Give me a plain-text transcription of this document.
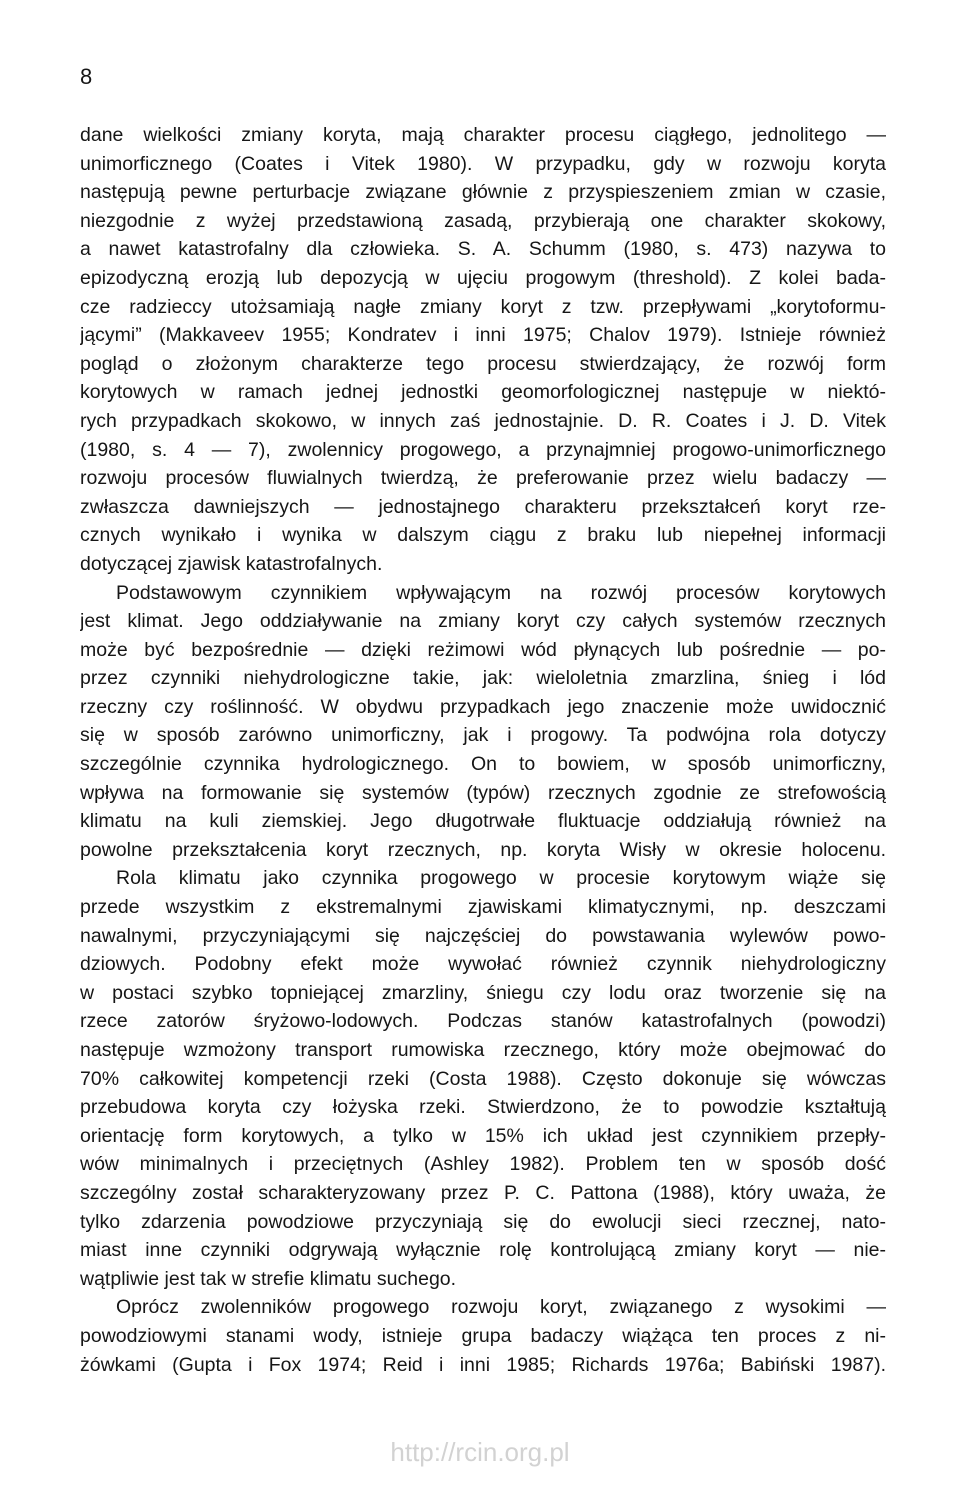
8
dane wielkości zmiany koryta, mają charakter procesu ciągłego, jednolitego —
unimorficznego (Coates i Vitek 1980). W przypadku, gdy w rozwoju koryta
następują pewne perturbacje związane głównie z przyspieszeniem zmian w czasie,
niezgodnie z wyżej przedstawioną zasadą, przybierają one charakter skokowy,
a nawet katastrofalny dla człowieka. S. A. Schumm (1980, s. 473) nazywa to
epizodyczną erozją lub depozycją w ujęciu progowym (threshold). Z kolei bada-
cze radzieccy utożsamiają nagłe zmiany koryt z tzw. przepływami „korytoformu-
jącymi” (Makkaveev 1955; Kondratev i inni 1975; Chalov 1979). Istnieje również
pogląd o złożonym charakterze tego procesu stwierdzający, że rozwój form
korytowych w ramach jednej jednostki geomorfologicznej następuje w niektó-
rych przypadkach skokowo, w innych zaś jednostajnie. D. R. Coates i J. D. Vitek
(1980, s. 4 — 7), zwolennicy progowego, a przynajmniej progowo-unimorficznego
rozwoju procesów fluwialnych twierdzą, że preferowanie przez wielu badaczy —
zwłaszcza dawniejszych — jednostajnego charakteru przekształceń koryt rze-
cznych wynikało i wynika w dalszym ciągu z braku lub niepełnej informacji
dotyczącej zjawisk katastrofalnych.
Podstawowym czynnikiem wpływającym na rozwój procesów korytowych
jest klimat. Jego oddziaływanie na zmiany koryt czy całych systemów rzecznych
może być bezpośrednie — dzięki reżimowi wód płynących lub pośrednie — po-
przez czynniki niehydrologiczne takie, jak: wieloletnia zmarzlina, śnieg i lód
rzeczny czy roślinność. W obydwu przypadkach jego znaczenie może uwidocznić
się w sposób zarówno unimorficzny, jak i progowy. Ta podwójna rola dotyczy
szczególnie czynnika hydrologicznego. On to bowiem, w sposób unimorficzny,
wpływa na formowanie się systemów (typów) rzecznych zgodnie ze strefowością
klimatu na kuli ziemskiej. Jego długotrwałe fluktuacje oddziałują również na
powolne przekształcenia koryt rzecznych, np. koryta Wisły w okresie holocenu.
Rola klimatu jako czynnika progowego w procesie korytowym wiąże się
przede wszystkim z ekstremalnymi zjawiskami klimatycznymi, np. deszczami
nawalnymi, przyczyniającymi się najczęściej do powstawania wylewów powo-
dziowych. Podobny efekt może wywołać również czynnik niehydrologiczny
w postaci szybko topniejącej zmarzliny, śniegu czy lodu oraz tworzenie się na
rzece zatorów śryżowo-lodowych. Podczas stanów katastrofalnych (powodzi)
następuje wzmożony transport rumowiska rzecznego, który może obejmować do
70% całkowitej kompetencji rzeki (Costa 1988). Często dokonuje się wówczas
przebudowa koryta czy łożyska rzeki. Stwierdzono, że to powodzie kształtują
orientację form korytowych, a tylko w 15% ich układ jest czynnikiem przepły-
wów minimalnych i przeciętnych (Ashley 1982). Problem ten w sposób dość
szczególny został scharakteryzowany przez P. C. Pattona (1988), który uważa, że
tylko zdarzenia powodziowe przyczyniają się do ewolucji sieci rzecznej, nato-
miast inne czynniki odgrywają wyłącznie rolę kontrolującą zmiany koryt — nie-
wątpliwie jest tak w strefie klimatu suchego.
Oprócz zwolenników progowego rozwoju koryt, związanego z wysokimi —
powodziowymi stanami wody, istnieje grupa badaczy wiążąca ten proces z ni-
żówkami (Gupta i Fox 1974; Reid i inni 1985; Richards 1976a; Babiński 1987).
http://rcin.org.pl
